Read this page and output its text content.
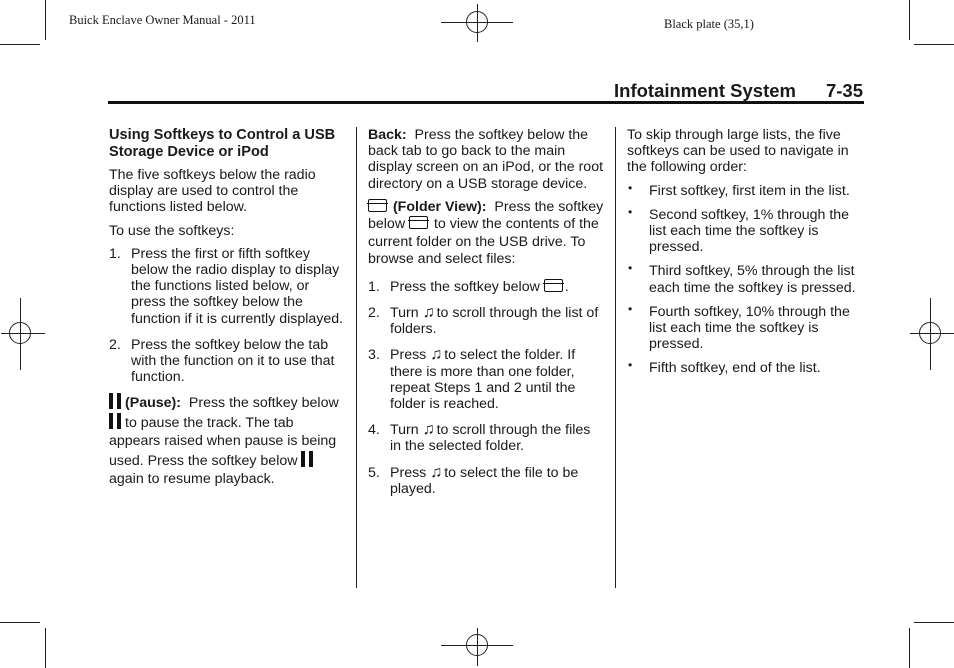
Buick Enclave Owner Manual - 2011	Black plate (35,1)
Infotainment System 7-35
Using Softkeys to Control a USB Storage Device or iPod

The five softkeys below the radio display are used to control the functions listed below.

To use the softkeys:

1. Press the first or fifth softkey below the radio display to display the functions listed below, or press the softkey below the function if it is currently displayed.
2. Press the softkey below the tab with the function on it to use that function.

(Pause): Press the softkey below to pause the track. The tab appears raised when pause is being used. Press the softkey below again to resume playback.

Back: Press the softkey below the back tab to go back to the main display screen on an iPod, or the root directory on a USB storage device.

(Folder View): Press the softkey below to view the contents of the current folder on the USB drive. To browse and select files:

1. Press the softkey below .
2. Turn ♫ to scroll through the list of folders.
3. Press ♫ to select the folder. If there is more than one folder, repeat Steps 1 and 2 until the folder is reached.
4. Turn ♫ to scroll through the files in the selected folder.
5. Press ♫ to select the file to be played.

To skip through large lists, the five softkeys can be used to navigate in the following order:

• First softkey, first item in the list.
• Second softkey, 1% through the list each time the softkey is pressed.
• Third softkey, 5% through the list each time the softkey is pressed.
• Fourth softkey, 10% through the list each time the softkey is pressed.
• Fifth softkey, end of the list.
